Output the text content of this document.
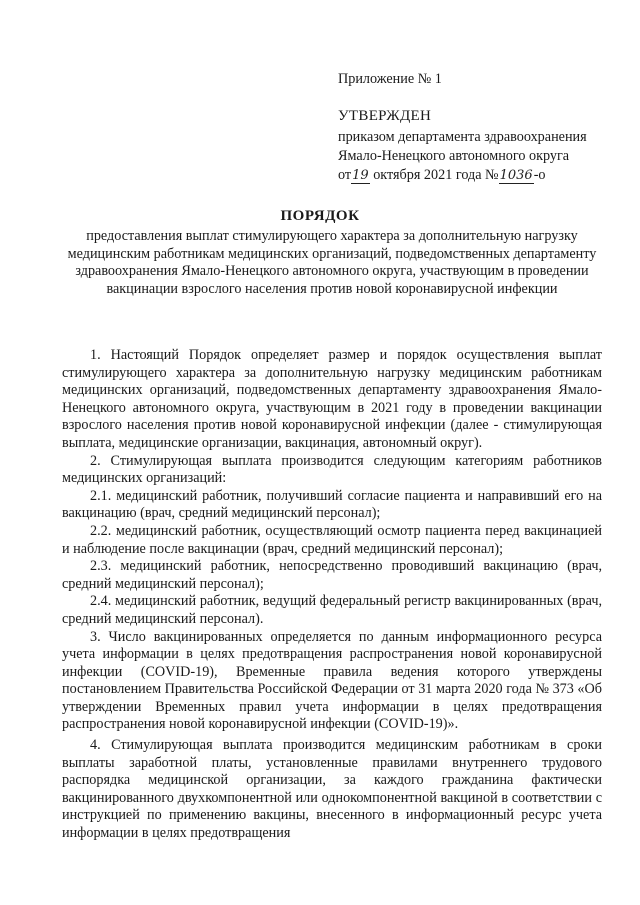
Приложение № 1

УТВЕРЖДЕН

приказом департамента здравоохранения

Ямало-Ненецкого автономного округа

от19 октября 2021 года №1036-о

ПОРЯДОК

предоставления выплат стимулирующего характера за дополнительную нагрузку медицинским работникам медицинских организаций, подведомственных департаменту здравоохранения Ямало-Ненецкого автономного округа, участвующим в проведении вакцинации взрослого населения против новой коронавирусной инфекции

1. Настоящий Порядок определяет размер и порядок осуществления выплат стимулирующего характера за дополнительную нагрузку медицинским работникам медицинских организаций, подведомственных департаменту здравоохранения Ямало-Ненецкого автономного округа, участвующим в 2021 году в проведении вакцинации взрослого населения против новой коронавирусной инфекции (далее - стимулирующая выплата, медицинские организации, вакцинация, автономный округ).

2. Стимулирующая выплата производится следующим категориям работников медицинских организаций:

2.1. медицинский работник, получивший согласие пациента и направивший его на вакцинацию (врач, средний медицинский персонал);

2.2. медицинский работник, осуществляющий осмотр пациента перед вакцинацией и наблюдение после вакцинации (врач, средний медицинский персонал);

2.3. медицинский работник, непосредственно проводивший вакцинацию (врач, средний медицинский персонал);

2.4. медицинский работник, ведущий федеральный регистр вакцинированных (врач, средний медицинский персонал).

3. Число вакцинированных определяется по данным информационного ресурса учета информации в целях предотвращения распространения новой коронавирусной инфекции (COVID-19), Временные правила ведения которого утверждены постановлением Правительства Российской Федерации от 31 марта 2020 года № 373 «Об утверждении Временных правил учета информации в целях предотвращения распространения новой коронавирусной инфекции (COVID-19)».

4. Стимулирующая выплата производится медицинским работникам в сроки выплаты заработной платы, установленные правилами внутреннего трудового распорядка медицинской организации, за каждого гражданина фактически вакцинированного двухкомпонентной или однокомпонентной вакциной в соответствии с инструкцией по применению вакцины, внесенного в информационный ресурс учета информации в целях предотвращения
